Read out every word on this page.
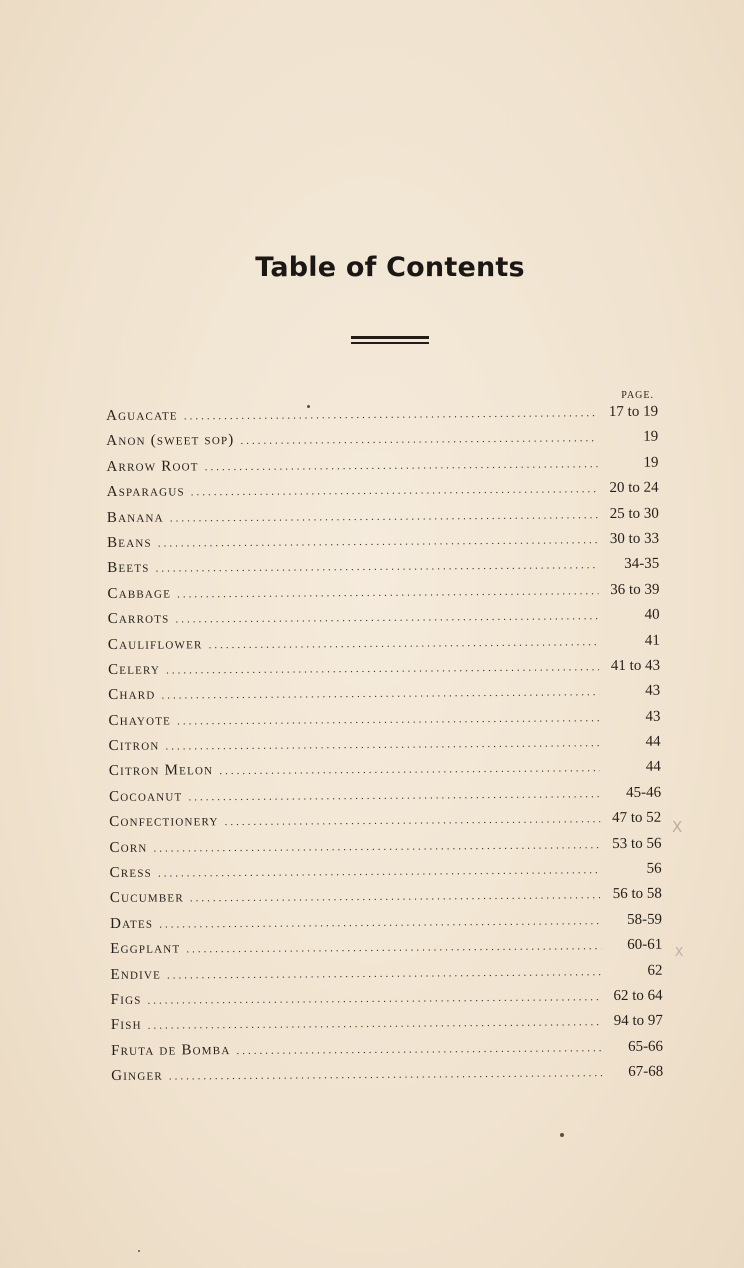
Table of Contents
PAGE.
Aguacate .....	17 to 19
Anon (sweet sop) .....	19
Arrow Root .....	19
Asparagus .....	20 to 24
Banana .....	25 to 30
Beans .....	30 to 33
Beets .....	34-35
Cabbage .....	36 to 39
Carrots .....	40
Cauliflower .....	41
Celery .....	41 to 43
Chard .....	43
Chayote .....	43
Citron .....	44
Citron Melon .....	44
Cocoanut .....	45-46
Confectionery .....	47 to 52
Corn .....	53 to 56
Cress .....	56
Cucumber .....	56 to 58
Dates .....	58-59
Eggplant .....	60-61
Endive .....	62
Figs .....	62 to 64
Fish .....	94 to 97
Fruta de Bomba .....	65-66
Ginger .....	67-68
X
X
